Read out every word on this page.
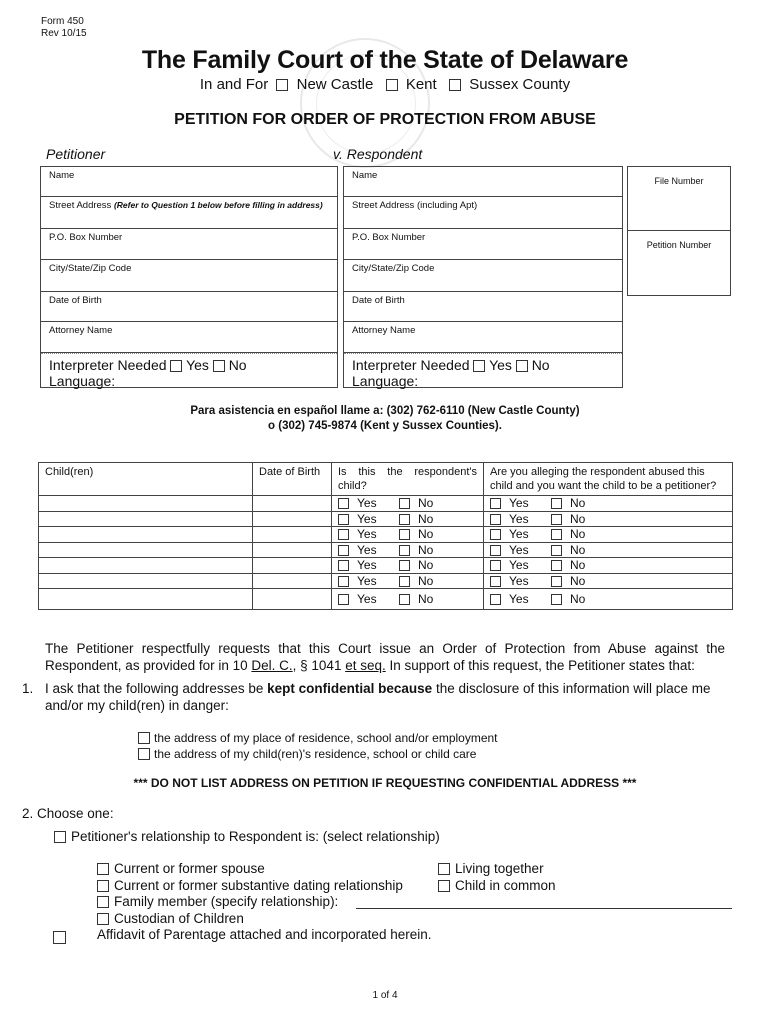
Form 450
Rev 10/15
The Family Court of the State of Delaware
In and For New Castle Kent Sussex County
PETITION FOR ORDER OF PROTECTION FROM ABUSE
Petitioner	v. Respondent
Name
Street Address (Refer to Question 1 below before filling in address)
P.O. Box Number
City/State/Zip Code
Date of Birth
Attorney Name
Interpreter Needed Yes No
Language:
Name
Street Address (including Apt)
P.O. Box Number
City/State/Zip Code
Date of Birth
Attorney Name
Interpreter Needed Yes No
Language:
File Number
Petition Number
Para asistencia en español llame a: (302) 762-6110 (New Castle County)
o (302) 745-9874 (Kent y Sussex Counties).
Child(ren)	Date of Birth	Is this the respondent's child?	Are you alleging the respondent abused this child and you want the child to be a petitioner?
		Yes No	Yes No
		Yes No	Yes No
		Yes No	Yes No
		Yes No	Yes No
		Yes No	Yes No
		Yes No	Yes No
		Yes No	Yes No
The Petitioner respectfully requests that this Court issue an Order of Protection from Abuse against the Respondent, as provided for in 10 Del. C., § 1041 et seq. In support of this request, the Petitioner states that:
1. I ask that the following addresses be kept confidential because the disclosure of this information will place me and/or my child(ren) in danger:
the address of my place of residence, school and/or employment
the address of my child(ren)'s residence, school or child care
*** DO NOT LIST ADDRESS ON PETITION IF REQUESTING CONFIDENTIAL ADDRESS ***
2. Choose one:
Petitioner's relationship to Respondent is: (select relationship)
Current or former spouse
Current or former substantive dating relationship
Family member (specify relationship):
Custodian of Children
Living together
Child in common
Affidavit of Parentage attached and incorporated herein.
1 of 4
